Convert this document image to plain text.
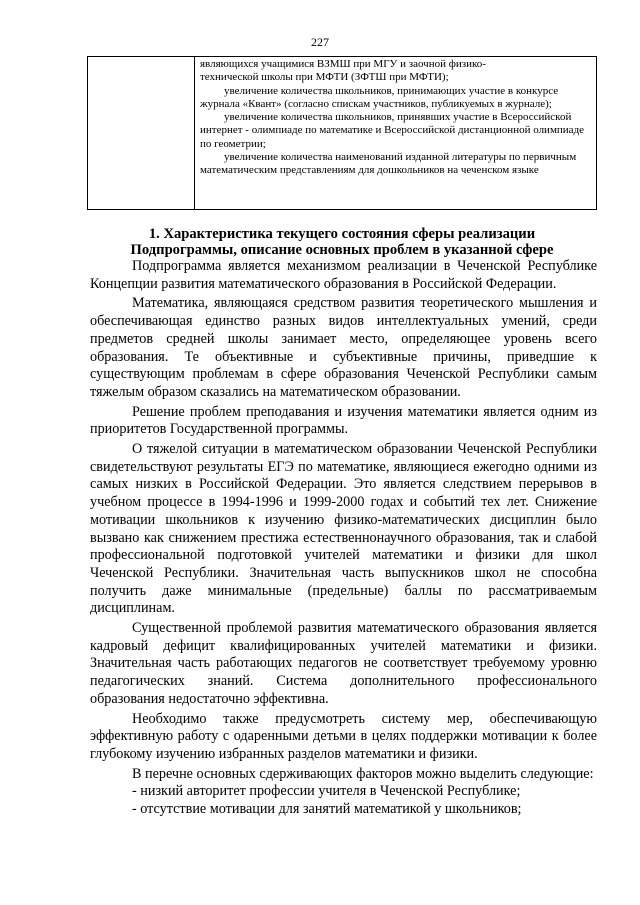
227

являющихся учащимися ВЗМШ при МГУ и заочной физико-
технической школы при МФТИ (ЗФТШ при МФТИ);
увеличение количества школьников, принимающих участие в конкурсе журнала «Квант» (согласно спискам участников, публикуемых в журнале);
увеличение количества школьников, принявших участие в Всероссийской интернет - олимпиаде по математике и Всероссийской дистанционной олимпиаде по геометрии;
увеличение количества наименований изданной литературы по первичным математическим представлениям для дошкольников на чеченском языке
1. Характеристика текущего состояния сферы реализации
Подпрограммы, описание основных проблем в указанной сфере

Подпрограмма является механизмом реализации в Чеченской Республике Концепции развития математического образования в Российской Федерации.

Математика, являющаяся средством развития теоретического мышления и обеспечивающая единство разных видов интеллектуальных умений, среди предметов средней школы занимает место, определяющее уровень всего образования. Те объективные и субъективные причины, приведшие к существующим проблемам в сфере образования Чеченской Республики самым тяжелым образом сказались на математическом образовании.

Решение проблем преподавания и изучения математики является одним из приоритетов Государственной программы.

О тяжелой ситуации в математическом образовании Чеченской Республики свидетельствуют результаты ЕГЭ по математике, являющиеся ежегодно одними из самых низких в Российской Федерации. Это является следствием перерывов в учебном процессе в 1994-1996 и 1999-2000 годах и событий тех лет. Снижение мотивации школьников к изучению физико-математических дисциплин было вызвано как снижением престижа естественнонаучного образования, так и слабой профессиональной подготовкой учителей математики и физики для школ Чеченской Республики. Значительная часть выпускников школ не способна получить даже минимальные (предельные) баллы по рассматриваемым дисциплинам.

Существенной проблемой развития математического образования является кадровый дефицит квалифицированных учителей математики и физики. Значительная часть работающих педагогов не соответствует требуемому уровню педагогических знаний. Система дополнительного профессионального образования недостаточно эффективна.

Необходимо также предусмотреть систему мер, обеспечивающую эффективную работу с одаренными детьми в целях поддержки мотивации к более глубокому изучению избранных разделов математики и физики.

В перечне основных сдерживающих факторов можно выделить следующие:

- низкий авторитет профессии учителя в Чеченской Республике;

- отсутствие мотивации для занятий математикой у школьников;
